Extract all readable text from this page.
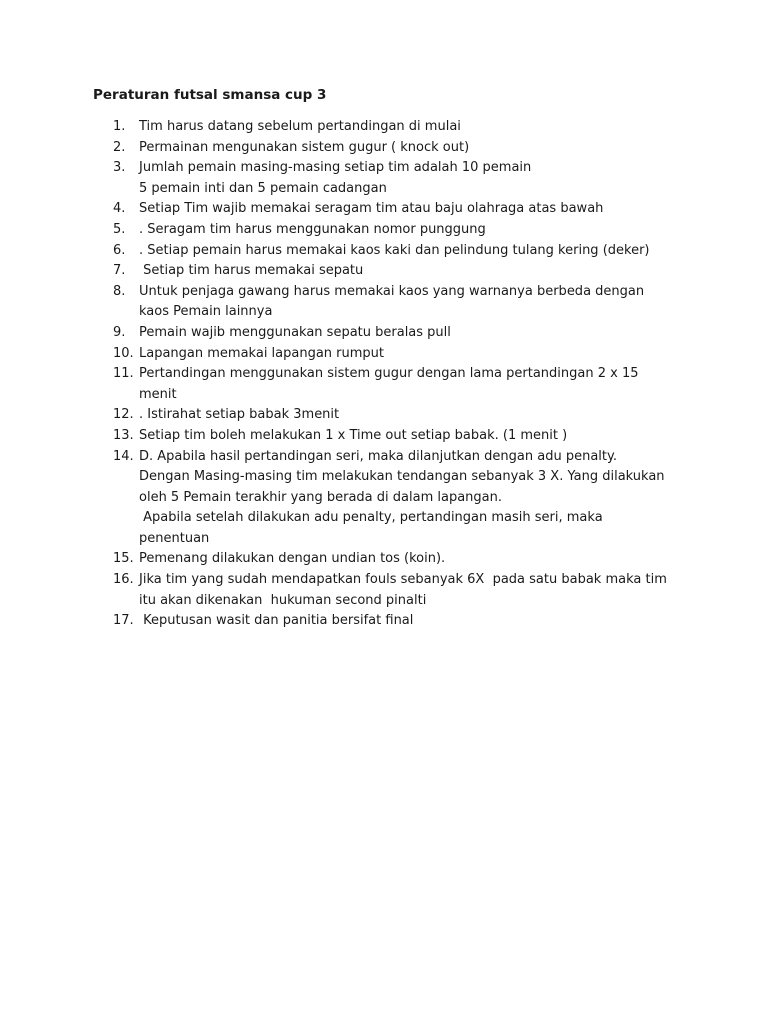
Peraturan futsal smansa cup 3
1.	Tim harus datang sebelum pertandingan di mulai
2.	Permainan mengunakan sistem gugur ( knock out)
3.	Jumlah pemain masing-masing setiap tim adalah 10 pemain
5 pemain inti dan 5 pemain cadangan
4.	Setiap Tim wajib memakai seragam tim atau baju olahraga atas bawah
5.	. Seragam tim harus menggunakan nomor punggung
6.	. Setiap pemain harus memakai kaos kaki dan pelindung tulang kering (deker)
7.	Setiap tim harus memakai sepatu
8.	Untuk penjaga gawang harus memakai kaos yang warnanya berbeda dengan
kaos Pemain lainnya
9.	Pemain wajib menggunakan sepatu beralas pull
10. Lapangan memakai lapangan rumput
11. Pertandingan menggunakan sistem gugur dengan lama pertandingan 2 x 15
menit
12. . Istirahat setiap babak 3menit
13. Setiap tim boleh melakukan 1 x Time out setiap babak. (1 menit )
14. D. Apabila hasil pertandingan seri, maka dilanjutkan dengan adu penalty.
Dengan Masing-masing tim melakukan tendangan sebanyak 3 X. Yang dilakukan
oleh 5 Pemain terakhir yang berada di dalam lapangan.
Apabila setelah dilakukan adu penalty, pertandingan masih seri, maka
penentuan
15. Pemenang dilakukan dengan undian tos (koin).
16. Jika tim yang sudah mendapatkan fouls sebanyak 6X  pada satu babak maka tim
itu akan dikenakan  hukuman second pinalti
17. Keputusan wasit dan panitia bersifat final
